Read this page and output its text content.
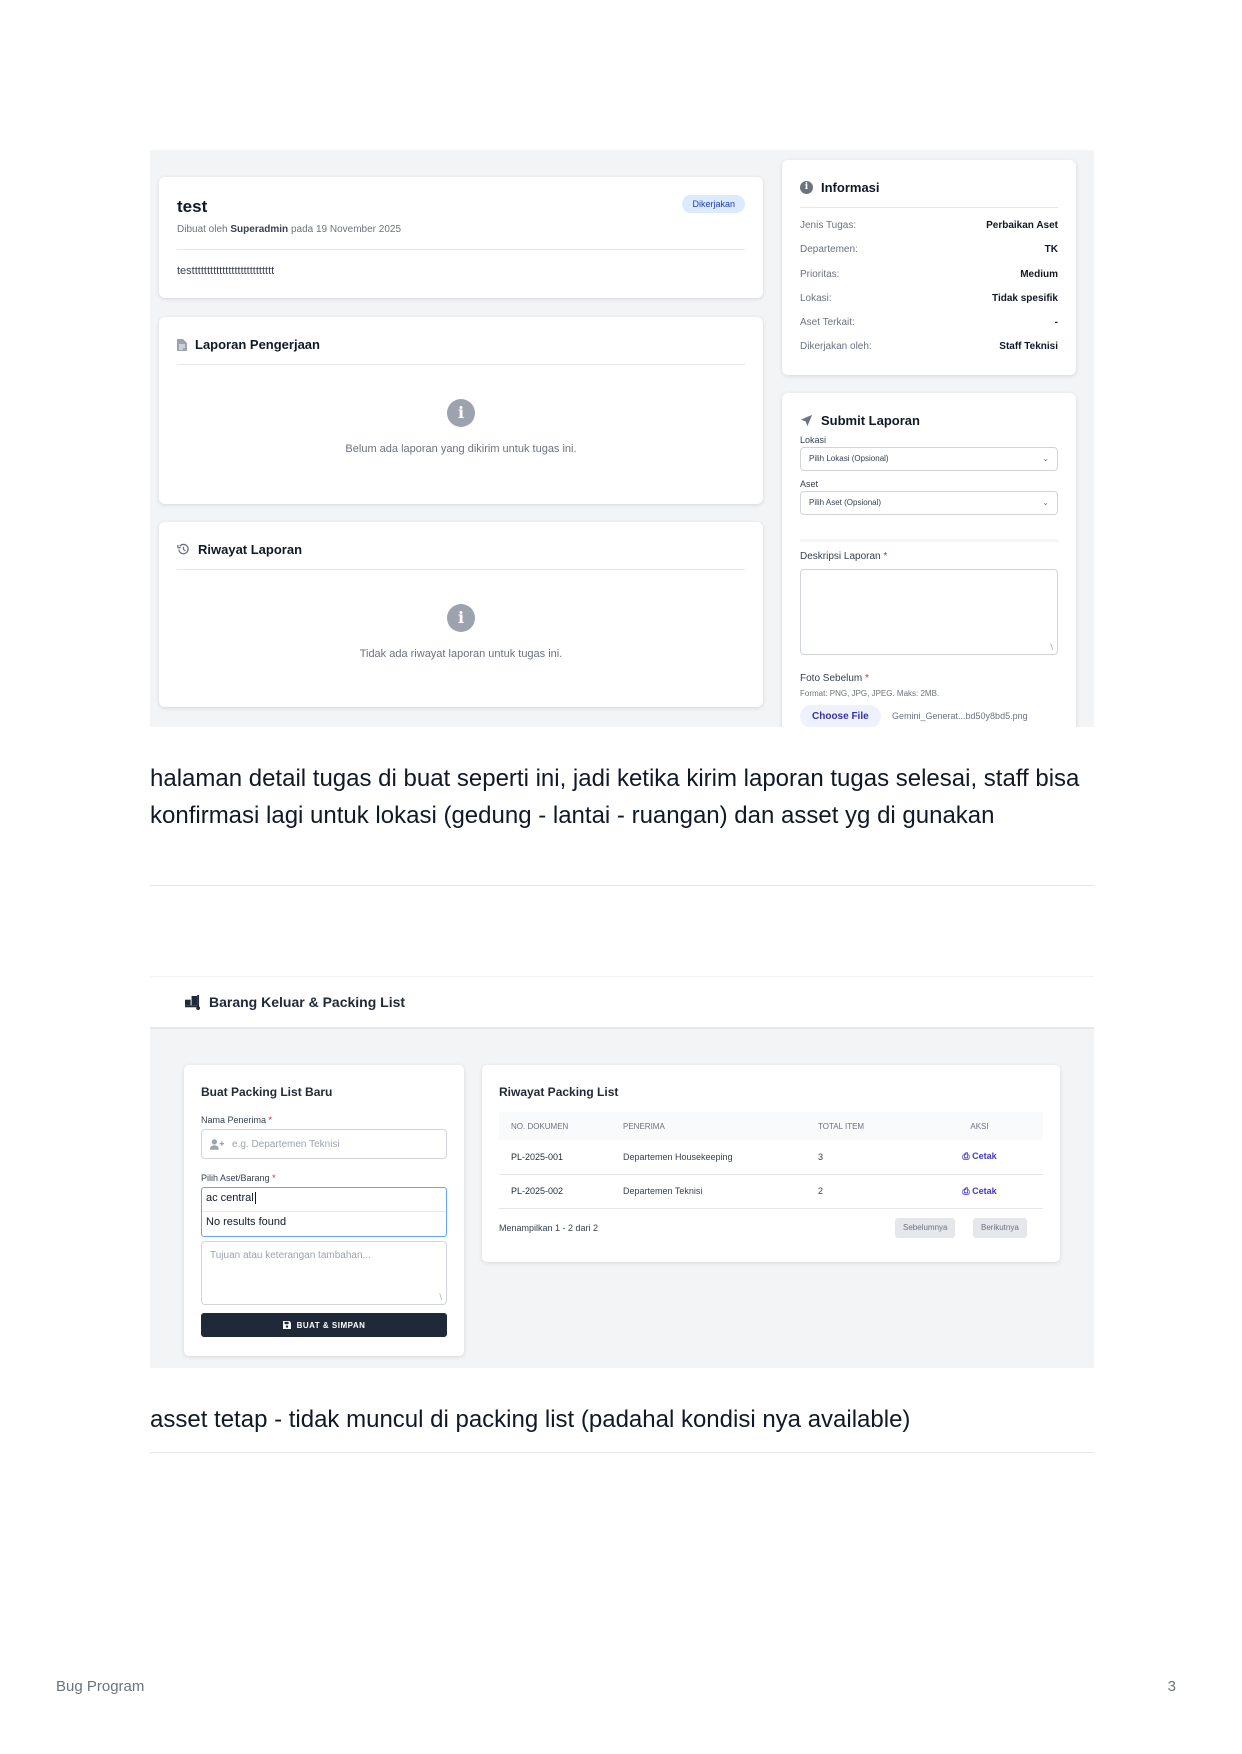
test
Dibuat oleh Superadmin pada 19 November 2025
Dikerjakan
testtttttttttttttttttttttttttt
Laporan Pengerjaan
i
Belum ada laporan yang dikirim untuk tugas ini.
Riwayat Laporan
i
Tidak ada riwayat laporan untuk tugas ini.
i Informasi
Jenis Tugas:	Perbaikan Aset
Departemen:	TK
Prioritas:	Medium
Lokasi:	Tidak spesifik
Aset Terkait:	-
Dikerjakan oleh:	Staff Teknisi
Submit Laporan
Lokasi
Pilih Lokasi (Opsional)	⌄
Aset
Pilih Aset (Opsional)	⌄
Deskripsi Laporan *
∖
Foto Sebelum *
Format: PNG, JPG, JPEG. Maks: 2MB.
Choose File	Gemini_Generat...bd50y8bd5.png
halaman detail tugas di buat seperti ini, jadi ketika kirim laporan tugas selesai, staff bisa konfirmasi lagi untuk lokasi (gedung - lantai - ruangan) dan asset yg di gunakan
Barang Keluar & Packing List
Buat Packing List Baru
Nama Penerima *
e.g. Departemen Teknisi
Pilih Aset/Barang *
ac central
No results found
Tujuan atau keterangan tambahan...
∖
BUAT & SIMPAN
Riwayat Packing List
NO. DOKUMEN	PENERIMA	TOTAL ITEM	AKSI
PL-2025-001	Departemen Housekeeping	3	⎙ Cetak
PL-2025-002	Departemen Teknisi	2	⎙ Cetak
Menampilkan 1 - 2 dari 2	Sebelumnya	Berikutnya
asset tetap - tidak muncul di packing list (padahal kondisi nya available)
Bug Program	3
